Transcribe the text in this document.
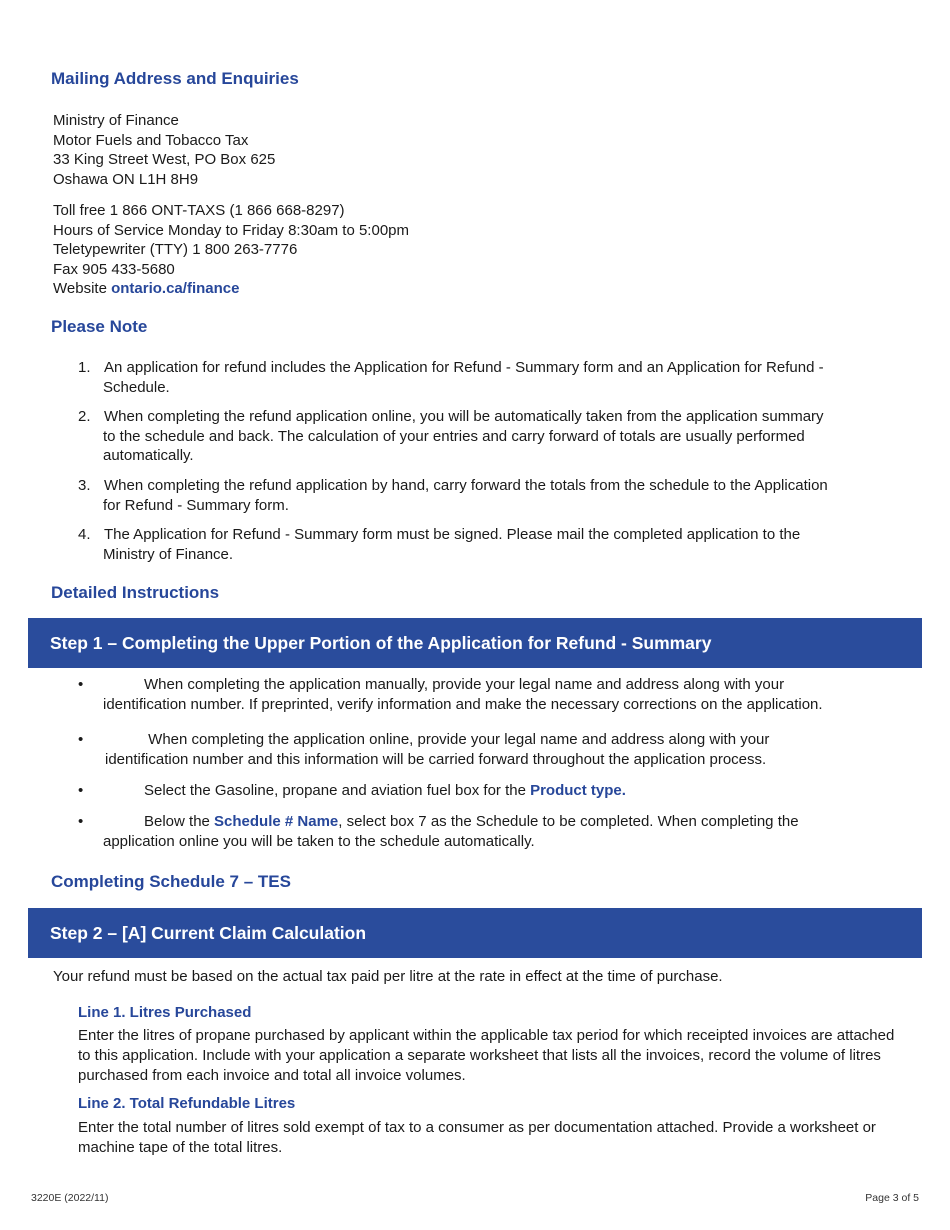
Mailing Address and Enquiries
Ministry of Finance
Motor Fuels and Tobacco Tax
33 King Street West, PO Box 625
Oshawa ON L1H 8H9
Toll free 1 866 ONT-TAXS (1 866 668-8297)
Hours of Service Monday to Friday 8:30am to 5:00pm
Teletypewriter (TTY) 1 800 263-7776
Fax 905 433-5680
Website ontario.ca/finance
Please Note
1. An application for refund includes the Application for Refund - Summary form and an Application for Refund -
Schedule.
2. When completing the refund application online, you will be automatically taken from the application summary
to the schedule and back. The calculation of your entries and carry forward of totals are usually performed automatically.
3. When completing the refund application by hand, carry forward the totals from the schedule to the Application
for Refund - Summary form.
4. The Application for Refund - Summary form must be signed. Please mail the completed application to the
Ministry of Finance.
Detailed Instructions
Step 1 – Completing the Upper Portion of the Application for Refund - Summary
•	When completing the application manually, provide your legal name and address along with your
identification number. If preprinted, verify information and make the necessary corrections on the application.
•	When completing the application online, provide your legal name and address along with your
identification number and this information will be carried forward throughout the application process.
•	Select the Gasoline, propane and aviation fuel box for the Product type.
•	Below the Schedule # Name, select box 7 as the Schedule to be completed. When completing the
application online you will be taken to the schedule automatically.
Completing Schedule 7 – TES
Step 2 – [A] Current Claim Calculation
Your refund must be based on the actual tax paid per litre at the rate in effect at the time of purchase.
Line 1. Litres Purchased
Enter the litres of propane purchased by applicant within the applicable tax period for which receipted invoices are attached to this application. Include with your application a separate worksheet that lists all the invoices, record the volume of litres purchased from each invoice and total all invoice volumes.
Line 2. Total Refundable Litres
Enter the total number of litres sold exempt of tax to a consumer as per documentation attached. Provide a worksheet or machine tape of the total litres.
3220E (2022/11)	Page 3 of 5
